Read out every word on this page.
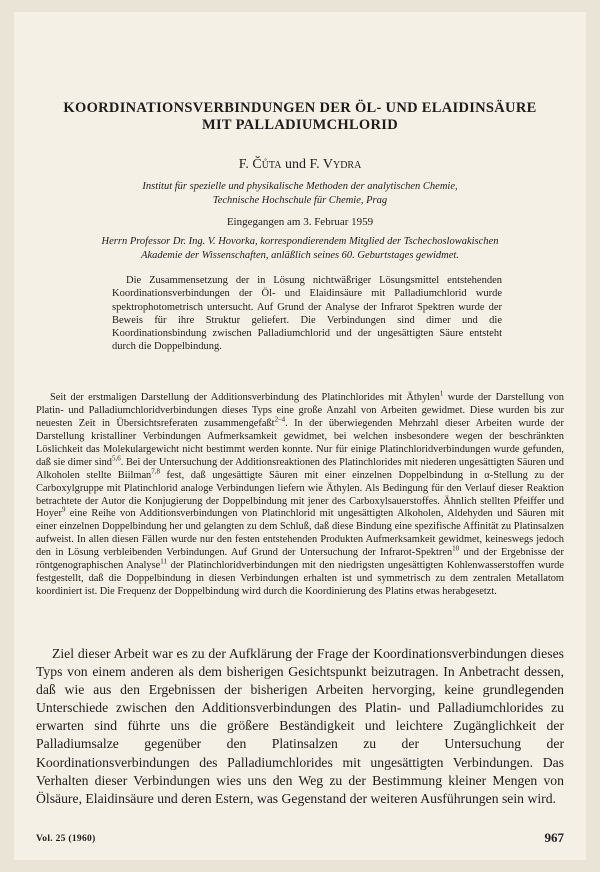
KOORDINATIONSVERBINDUNGEN DER ÖL- UND ELAIDINSÄURE
MIT PALLADIUMCHLORID
F. Čůta und F. Vydra
Institut für spezielle und physikalische Methoden der analytischen Chemie,
Technische Hochschule für Chemie, Prag
Eingegangen am 3. Februar 1959
Herrn Professor Dr. Ing. V. Hovorka, korrespondierendem Mitglied der Tschechoslowakischen
Akademie der Wissenschaften, anläßlich seines 60. Geburtstages gewidmet.

Die Zusammensetzung der in Lösung nichtwäßriger Lösungsmittel entstehenden Koordinationsverbindungen der Öl- und Elaidinsäure mit Palladiumchlorid wurde spektrophotometrisch untersucht. Auf Grund der Analyse der Infrarot Spektren wurde der Beweis für ihre Struktur geliefert. Die Verbindungen sind dimer und die Koordinationsbindung zwischen Palladiumchlorid und der ungesättigten Säure entsteht durch die Doppelbindung.

Seit der erstmaligen Darstellung der Additionsverbindung des Platinchlorides mit Äthylen$^1$ wurde der Darstellung von Platin- und Palladiumchloridverbindungen dieses Typs eine große Anzahl von Arbeiten gewidmet. Diese wurden bis zur neuesten Zeit in Übersichtsreferaten zusammengefaßt$^{2-4}$. In der überwiegenden Mehrzahl dieser Arbeiten wurde der Darstellung kristalliner Verbindungen Aufmerksamkeit gewidmet, bei welchen insbesondere wegen der beschränkten Löslichkeit das Molekulargewicht nicht bestimmt werden konnte. Nur für einige Platinchloridverbindungen wurde gefunden, daß sie dimer sind$^{5,6}$. Bei der Untersuchung der Additionsreaktionen des Platinchlorides mit niederen ungesättigten Säuren und Alkoholen stellte Biilman$^{7,8}$ fest, daß ungesättigte Säuren mit einer einzelnen Doppelbindung in α-Stellung zu der Carboxylgruppe mit Platinchlorid analoge Verbindungen liefern wie Äthylen. Als Bedingung für den Verlauf dieser Reaktion betrachtete der Autor die Konjugierung der Doppelbindung mit jener des Carboxylsauerstoffes. Ähnlich stellten Pfeiffer und Hoyer$^9$ eine Reihe von Additionsverbindungen von Platinchlorid mit ungesättigten Alkoholen, Aldehyden und Säuren mit einer einzelnen Doppelbindung her und gelangten zu dem Schluß, daß diese Bindung eine spezifische Affinität zu Platinsalzen aufweist. In allen diesen Fällen wurde nur den festen entstehenden Produkten Aufmerksamkeit gewidmet, keineswegs jedoch den in Lösung verbleibenden Verbindungen. Auf Grund der Untersuchung der Infrarot-Spektren$^{10}$ und der Ergebnisse der röntgenographischen Analyse$^{11}$ der Platinchloridverbindungen mit den niedrigsten ungesättigten Kohlenwasserstoffen wurde festgestellt, daß die Doppelbindung in diesen Verbindungen erhalten ist und symmetrisch zu dem zentralen Metallatom koordiniert ist. Die Frequenz der Doppelbindung wird durch die Koordinierung des Platins etwas herabgesetzt.

Ziel dieser Arbeit war es zu der Aufklärung der Frage der Koordinationsverbindungen dieses Typs von einem anderen als dem bisherigen Gesichtspunkt beizutragen. In Anbetracht dessen, daß wie aus den Ergebnissen der bisherigen Arbeiten hervorging, keine grundlegenden Unterschiede zwischen den Additionsverbindungen des Platin- und Palladiumchlorides zu erwarten sind führte uns die größere Beständigkeit und leichtere Zugänglichkeit der Palladiumsalze gegenüber den Platinsalzen zu der Untersuchung der Koordinationsverbindungen des Palladiumchlorides mit ungesättigten Verbindungen. Das Verhalten dieser Verbindungen wies uns den Weg zu der Bestimmung kleiner Mengen von Ölsäure, Elaidinsäure und deren Estern, was Gegenstand der weiteren Ausführungen sein wird.

Vol. 25 (1960)	967
